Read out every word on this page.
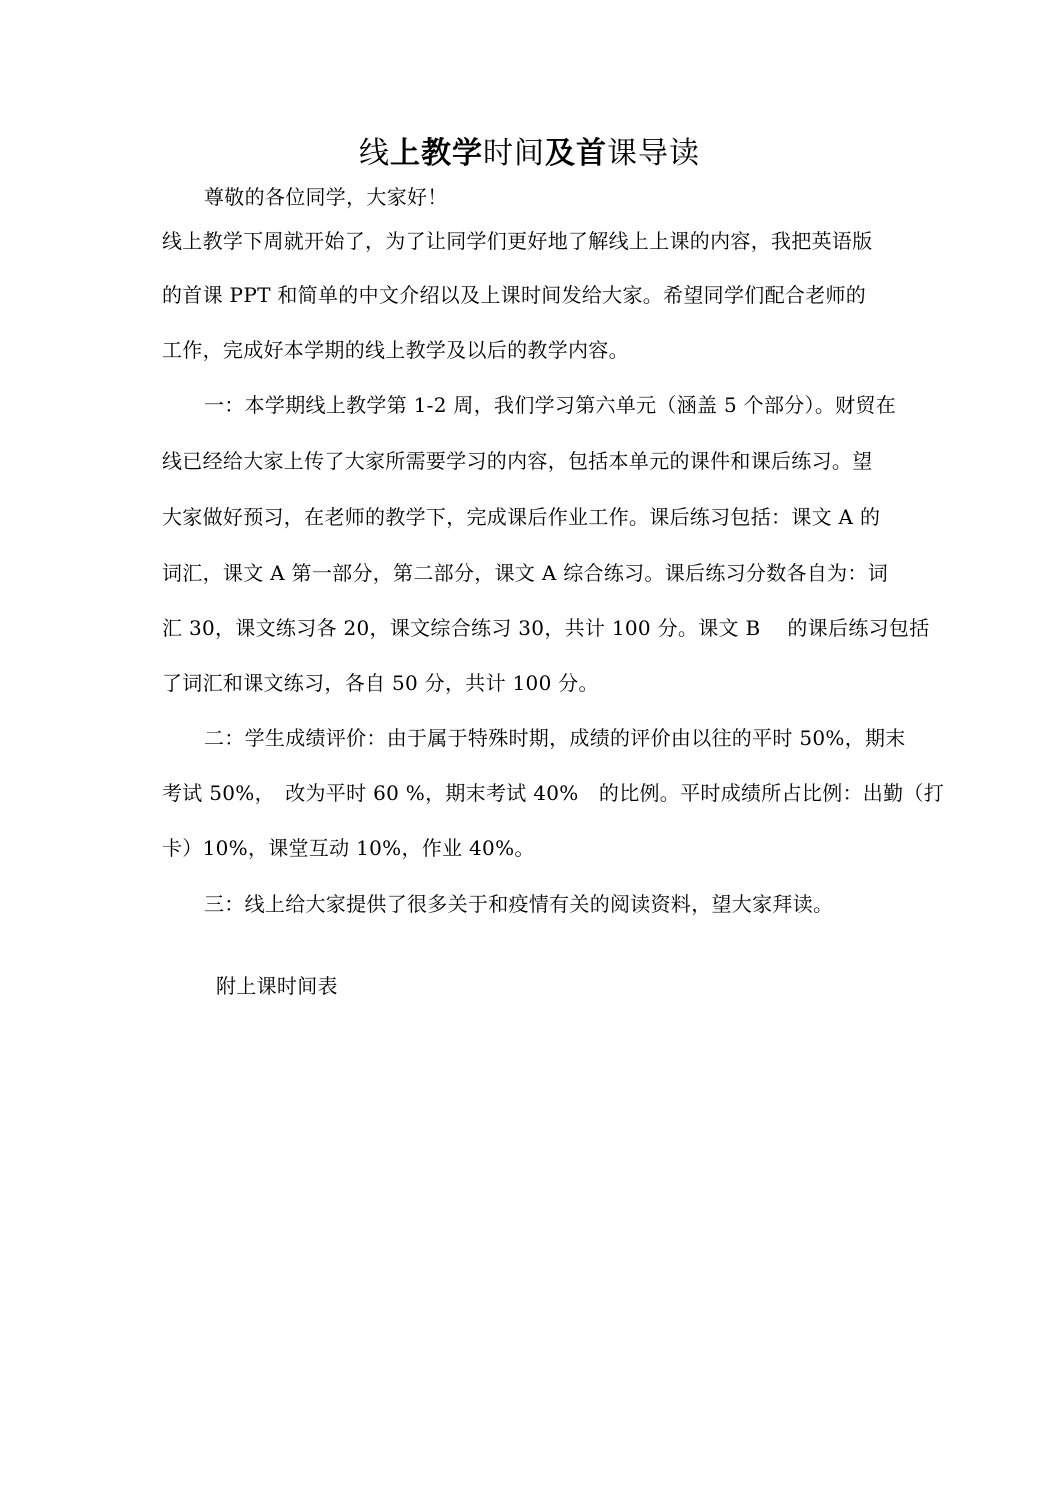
线上教学时间及首课导读

尊敬的各位同学，大家好！

线上教学下周就开始了，为了让同学们更好地了解线上上课的内容，我把英语版

的首课 PPT 和简单的中文介绍以及上课时间发给大家。希望同学们配合老师的

工作，完成好本学期的线上教学及以后的教学内容。

一：本学期线上教学第 1-2 周，我们学习第六单元（涵盖 5 个部分）。财贸在

线已经给大家上传了大家所需要学习的内容，包括本单元的课件和课后练习。望

大家做好预习，在老师的教学下，完成课后作业工作。课后练习包括：课文 A 的

词汇，课文 A 第一部分，第二部分，课文 A 综合练习。课后练习分数各自为：词

汇 30，课文练习各 20，课文综合练习 30，共计 100 分。课文 B　 的课后练习包括

了词汇和课文练习，各自 50 分，共计 100 分。

二：学生成绩评价：由于属于特殊时期，成绩的评价由以往的平时 50%，期末

考试 50%，　改为平时 60 %，期末考试 40%　的比例。平时成绩所占比例：出勤（打

卡）10%，课堂互动 10%，作业 40%。

三：线上给大家提供了很多关于和疫情有关的阅读资料，望大家拜读。

附上课时间表
